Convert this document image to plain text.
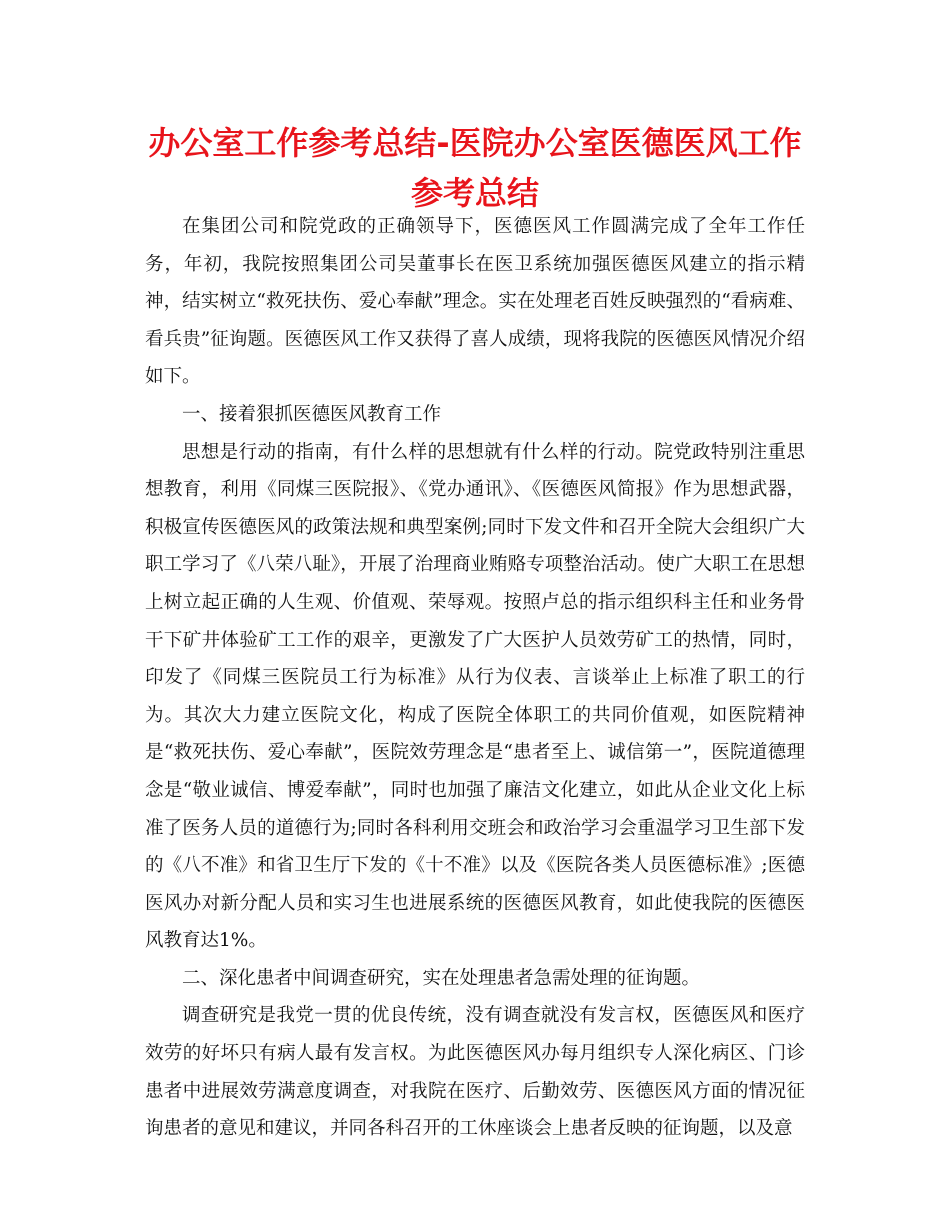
办公室工作参考总结-医院办公室医德医风工作参考总结

在集团公司和院党政的正确领导下，医德医风工作圆满完成了全年工作任务，年初，我院按照集团公司吴董事长在医卫系统加强医德医风建立的指示精神，结实树立“救死扶伤、爱心奉献”理念。实在处理老百姓反映强烈的“看病难、看兵贵”征询题。医德医风工作又获得了喜人成绩，现将我院的医德医风情况介绍如下。

一、接着狠抓医德医风教育工作

思想是行动的指南，有什么样的思想就有什么样的行动。院党政特别注重思想教育，利用《同煤三医院报》、《党办通讯》、《医德医风简报》作为思想武器，积极宣传医德医风的政策法规和典型案例;同时下发文件和召开全院大会组织广大职工学习了《八荣八耻》，开展了治理商业贿赂专项整治活动。使广大职工在思想上树立起正确的人生观、价值观、荣辱观。按照卢总的指示组织科主任和业务骨干下矿井体验矿工工作的艰辛，更激发了广大医护人员效劳矿工的热情，同时，印发了《同煤三医院员工行为标准》从行为仪表、言谈举止上标准了职工的行为。其次大力建立医院文化，构成了医院全体职工的共同价值观，如医院精神是“救死扶伤、爱心奉献”，医院效劳理念是“患者至上、诚信第一”，医院道德理念是“敬业诚信、博爱奉献”，同时也加强了廉洁文化建立，如此从企业文化上标准了医务人员的道德行为;同时各科利用交班会和政治学习会重温学习卫生部下发的《八不准》和省卫生厅下发的《十不准》以及《医院各类人员医德标准》;医德医风办对新分配人员和实习生也进展系统的医德医风教育，如此使我院的医德医风教育达1%。

二、深化患者中间调查研究，实在处理患者急需处理的征询题。

调查研究是我党一贯的优良传统，没有调查就没有发言权，医德医风和医疗效劳的好坏只有病人最有发言权。为此医德医风办每月组织专人深化病区、门诊患者中进展效劳满意度调查，对我院在医疗、后勤效劳、医德医风方面的情况征询患者的意见和建议，并同各科召开的工休座谈会上患者反映的征询题，以及意
